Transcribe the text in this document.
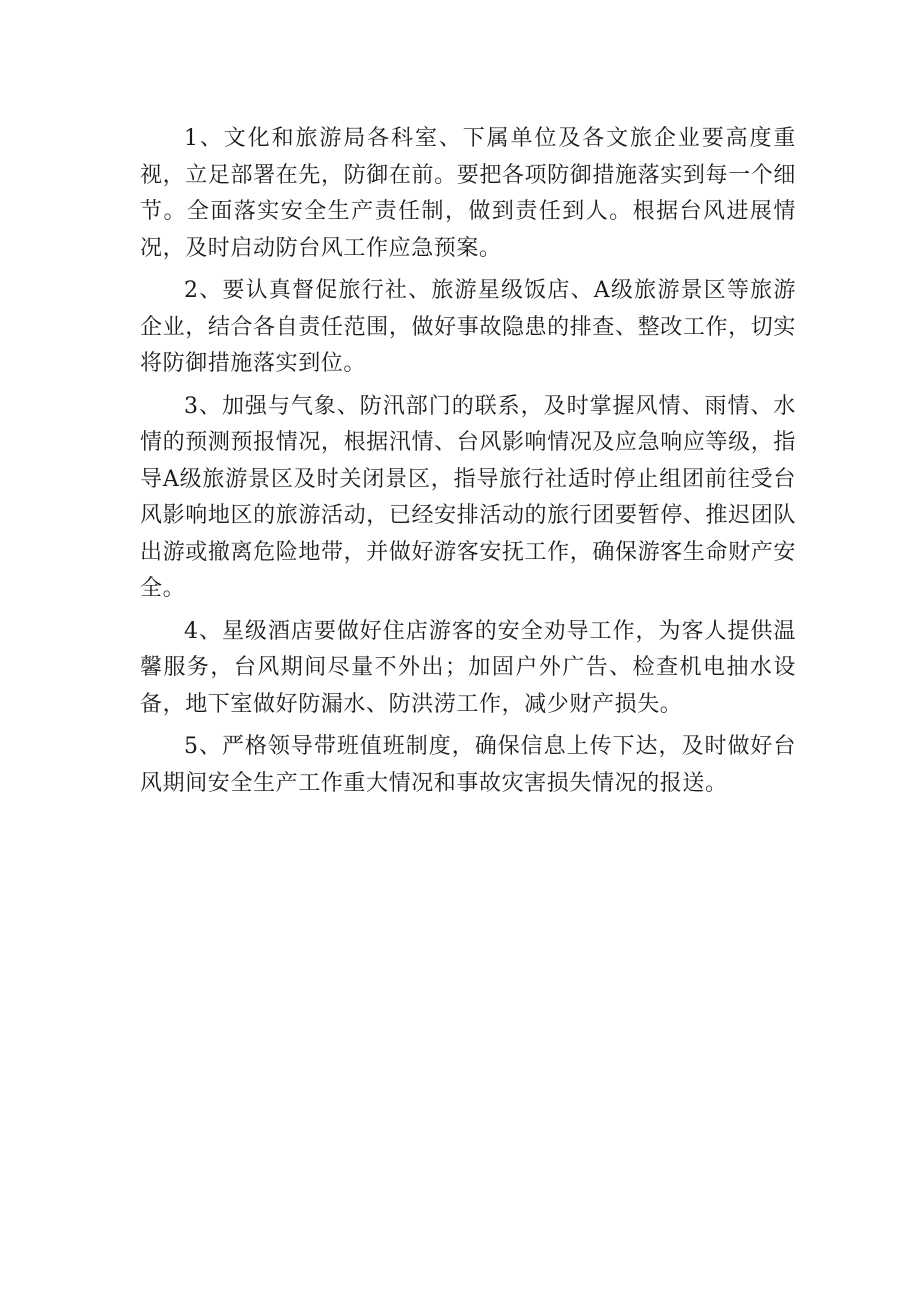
1、文化和旅游局各科室、下属单位及各文旅企业要高度重视，立足部署在先，防御在前。要把各项防御措施落实到每一个细节。全面落实安全生产责任制，做到责任到人。根据台风进展情况，及时启动防台风工作应急预案。

2、要认真督促旅行社、旅游星级饭店、A级旅游景区等旅游企业，结合各自责任范围，做好事故隐患的排查、整改工作，切实将防御措施落实到位。

3、加强与气象、防汛部门的联系，及时掌握风情、雨情、水情的预测预报情况，根据汛情、台风影响情况及应急响应等级，指导A级旅游景区及时关闭景区，指导旅行社适时停止组团前往受台风影响地区的旅游活动，已经安排活动的旅行团要暂停、推迟团队出游或撤离危险地带，并做好游客安抚工作，确保游客生命财产安全。

4、星级酒店要做好住店游客的安全劝导工作，为客人提供温馨服务，台风期间尽量不外出；加固户外广告、检查机电抽水设备，地下室做好防漏水、防洪涝工作，减少财产损失。

5、严格领导带班值班制度，确保信息上传下达，及时做好台风期间安全生产工作重大情况和事故灾害损失情况的报送。
